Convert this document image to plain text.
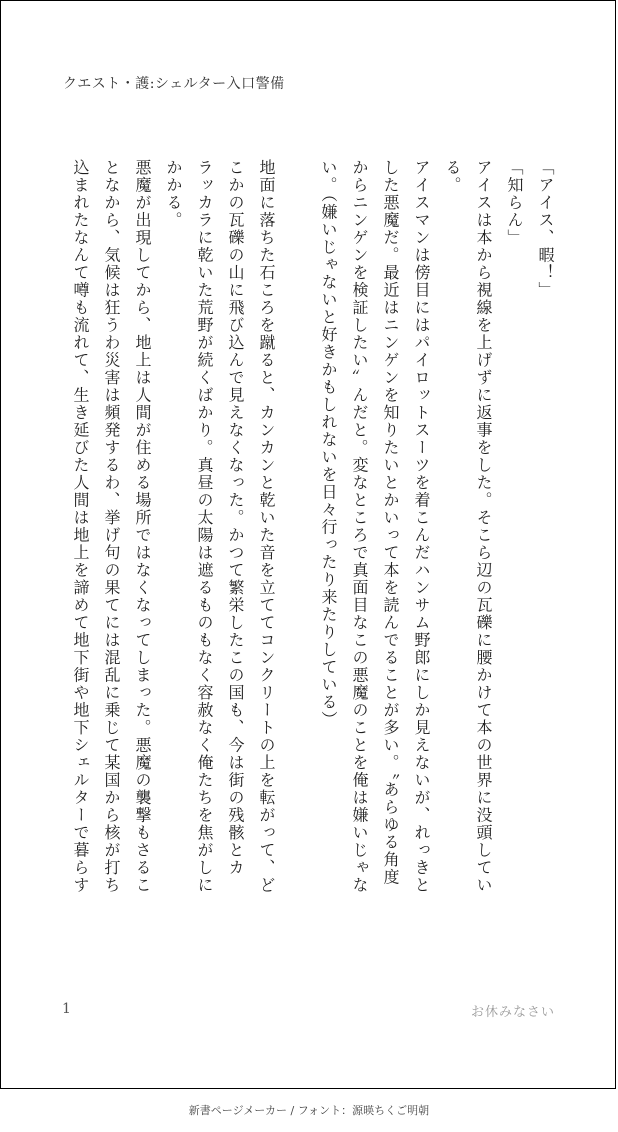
クエスト・護:シェルター入口警備
「アイス、暇！」
「知らん」
アイスは本から視線を上げずに返事をした。そこら辺の瓦礫に腰かけて本の世界に没頭してい
る。
アイスマンは傍目にはパイロットスーツを着こんだハンサム野郎にしか見えないが、れっきと
した悪魔だ。最近はニンゲンを知りたいとかいって本を読んでることが多い。〝あらゆる角度
からニンゲンを検証したい〟んだと。変なところで真面目なこの悪魔のことを俺は嫌いじゃな
い。（嫌いじゃないと好きかもしれないを日々行ったり来たりしている）
地面に落ちた石ころを蹴ると、カンカンと乾いた音を立ててコンクリートの上を転がって、ど
こかの瓦礫の山に飛び込んで見えなくなった。かつて繁栄したこの国も、今は街の残骸とカ
ラッカラに乾いた荒野が続くばかり。真昼の太陽は遮るものもなく容赦なく俺たちを焦がしに
かかる。
悪魔が出現してから、地上は人間が住める場所ではなくなってしまった。悪魔の襲撃もさるこ
となから、気候は狂うわ災害は頻発するわ、挙げ句の果てには混乱に乗じて某国から核が打ち
込まれたなんて噂も流れて、生き延びた人間は地上を諦めて地下街や地下シェルターで暮らす
1	お休みなさい
新書ページメーカー / フォント：源暎ちくご明朝
